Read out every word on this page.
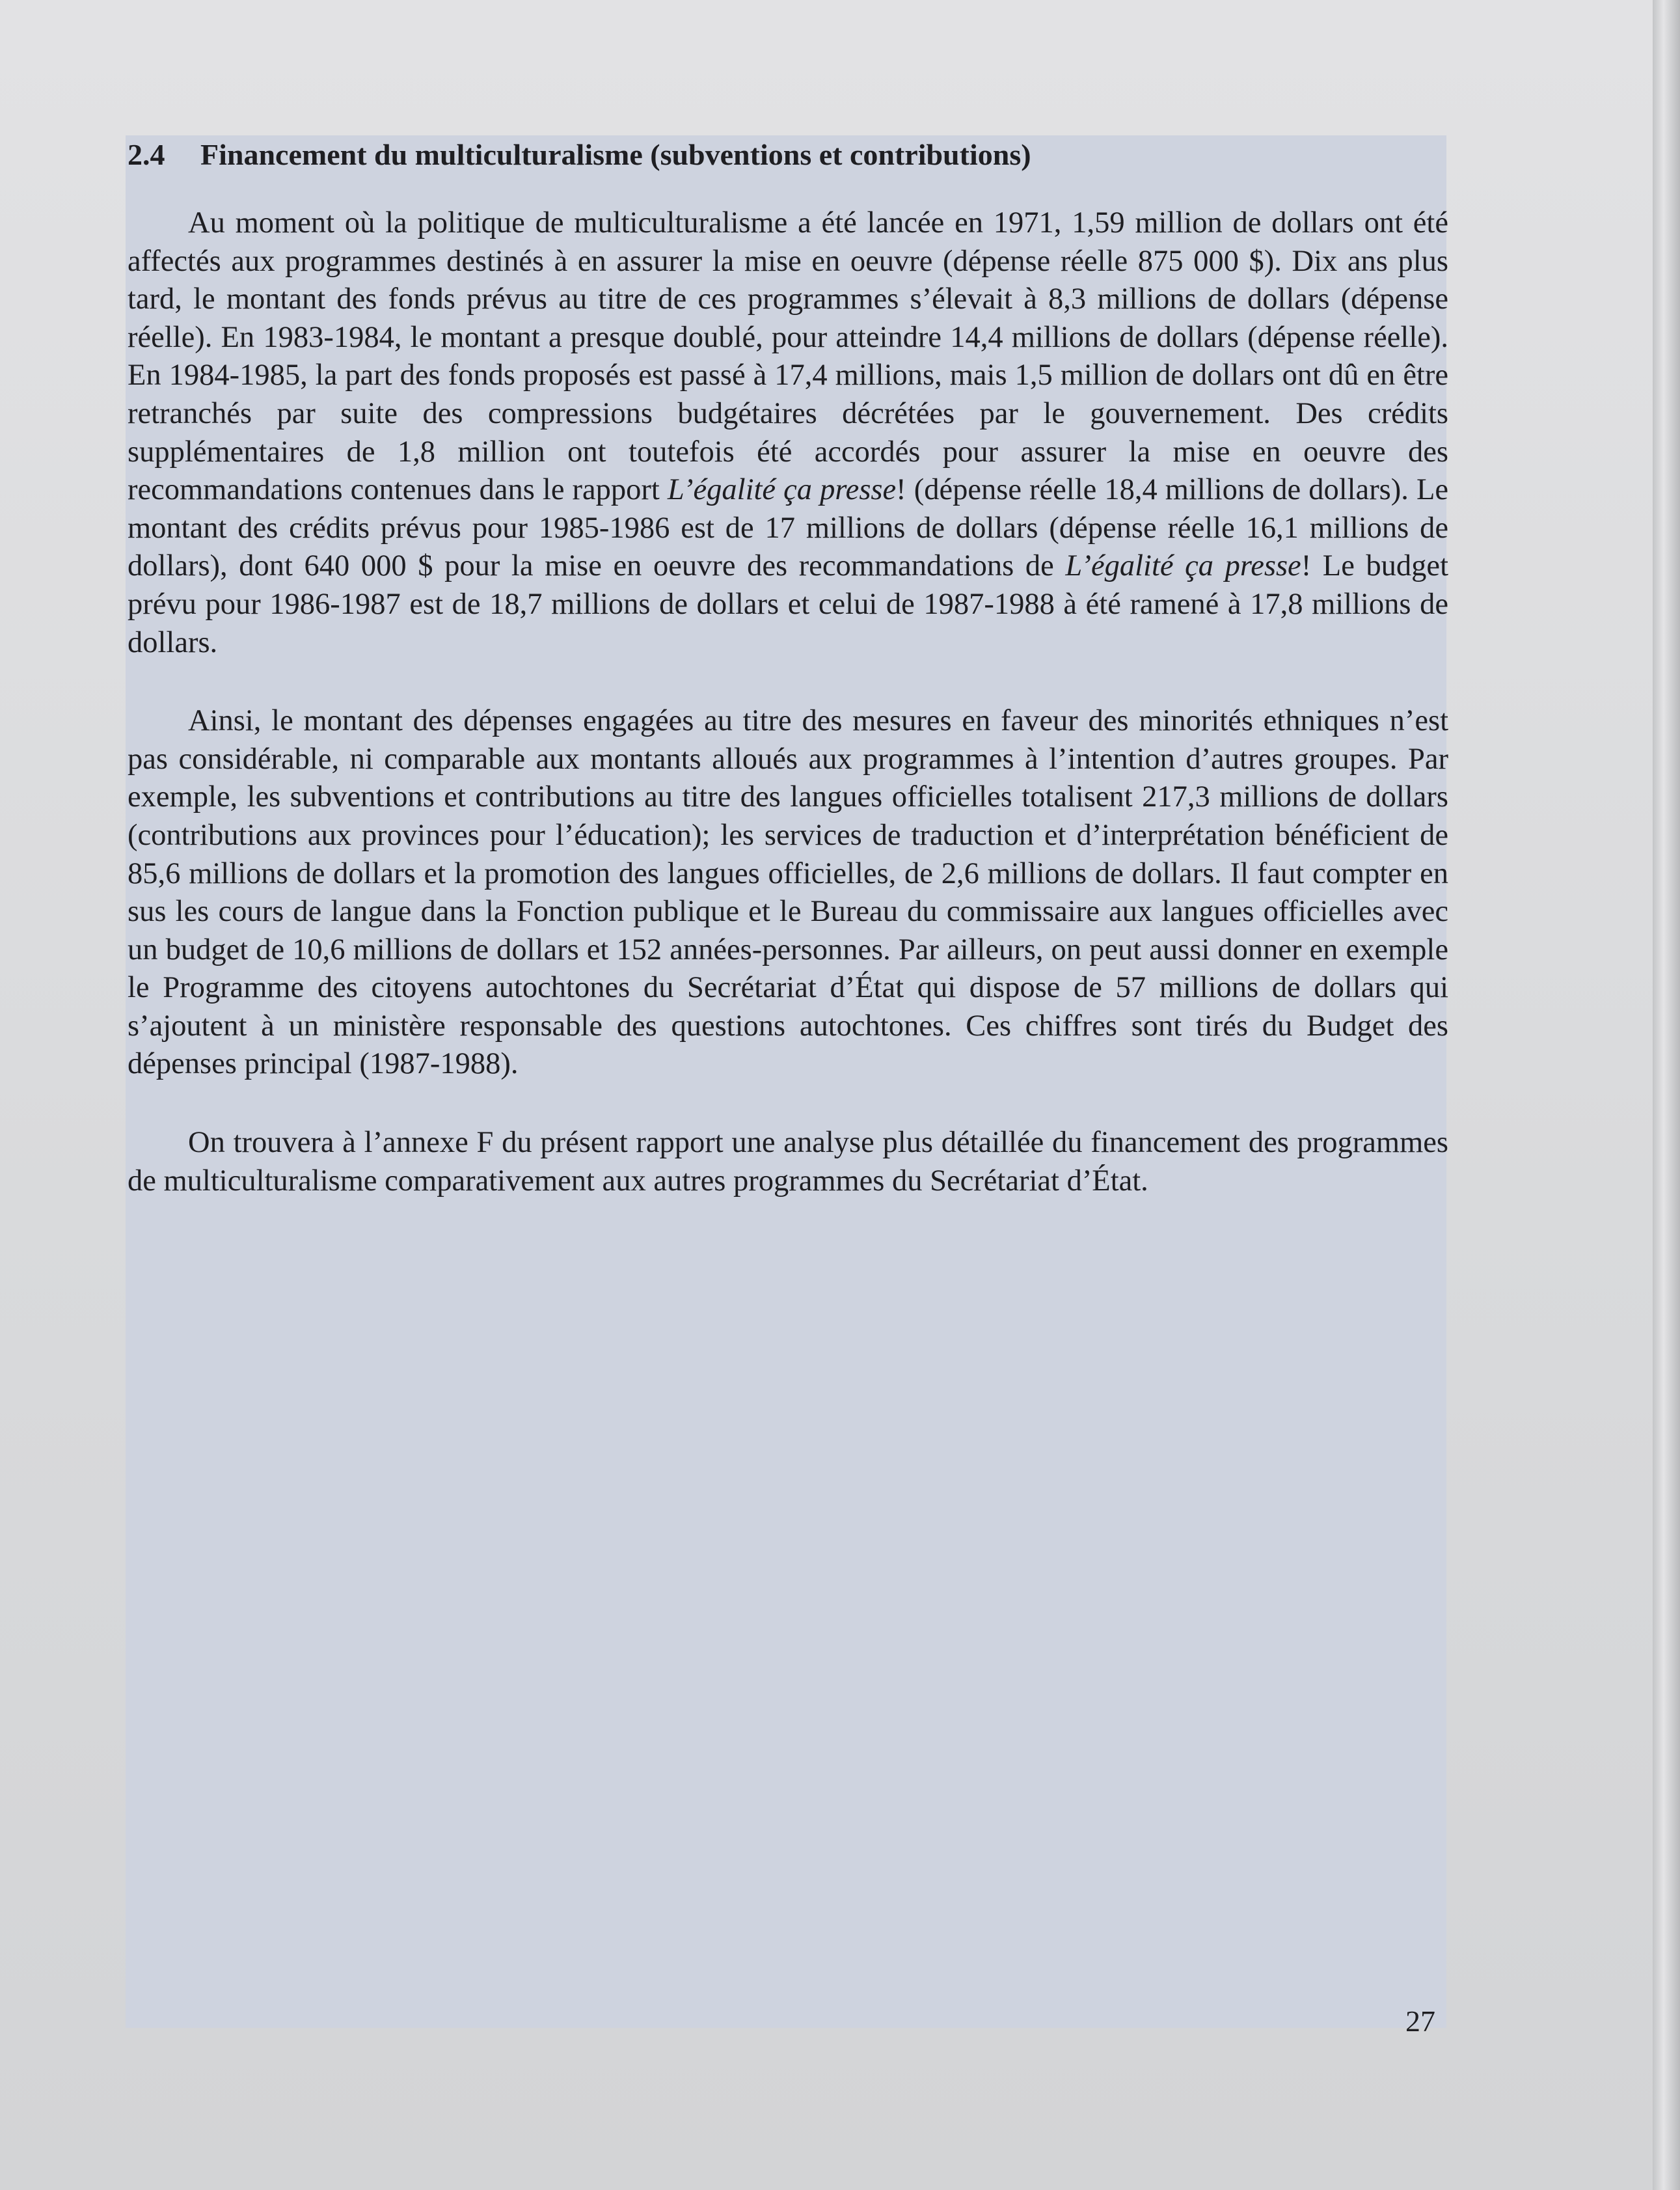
2.4 Financement du multiculturalisme (subventions et contributions)

Au moment où la politique de multiculturalisme a été lancée en 1971, 1,59 million de dollars ont été affectés aux programmes destinés à en assurer la mise en oeuvre (dépense réelle 875 000 $). Dix ans plus tard, le montant des fonds prévus au titre de ces programmes s’élevait à 8,3 millions de dollars (dépense réelle). En 1983-1984, le montant a presque doublé, pour atteindre 14,4 millions de dollars (dépense réelle). En 1984-1985, la part des fonds proposés est passé à 17,4 millions, mais 1,5 million de dollars ont dû en être retranchés par suite des compressions budgétaires décrétées par le gouvernement. Des crédits supplémentaires de 1,8 million ont toutefois été accordés pour assurer la mise en oeuvre des recommandations contenues dans le rapport L’égalité ça presse! (dépense réelle 18,4 millions de dollars). Le montant des crédits prévus pour 1985-1986 est de 17 millions de dollars (dépense réelle 16,1 millions de dollars), dont 640 000 $ pour la mise en oeuvre des recommandations de L’égalité ça presse! Le budget prévu pour 1986-1987 est de 18,7 millions de dollars et celui de 1987-1988 à été ramené à 17,8 millions de dollars.

Ainsi, le montant des dépenses engagées au titre des mesures en faveur des minorités ethniques n’est pas considérable, ni comparable aux montants alloués aux programmes à l’intention d’autres groupes. Par exemple, les subventions et contributions au titre des langues officielles totalisent 217,3 millions de dollars (contributions aux provinces pour l’éducation); les services de traduction et d’interprétation bénéficient de 85,6 millions de dollars et la promotion des langues officielles, de 2,6 millions de dollars. Il faut compter en sus les cours de langue dans la Fonction publique et le Bureau du commissaire aux langues officielles avec un budget de 10,6 millions de dollars et 152 années-personnes. Par ailleurs, on peut aussi donner en exemple le Programme des citoyens autochtones du Secrétariat d’État qui dispose de 57 millions de dollars qui s’ajoutent à un ministère responsable des questions autochtones. Ces chiffres sont tirés du Budget des dépenses principal (1987-1988).

On trouvera à l’annexe F du présent rapport une analyse plus détaillée du financement des programmes de multiculturalisme comparativement aux autres programmes du Secrétariat d’État.

27
